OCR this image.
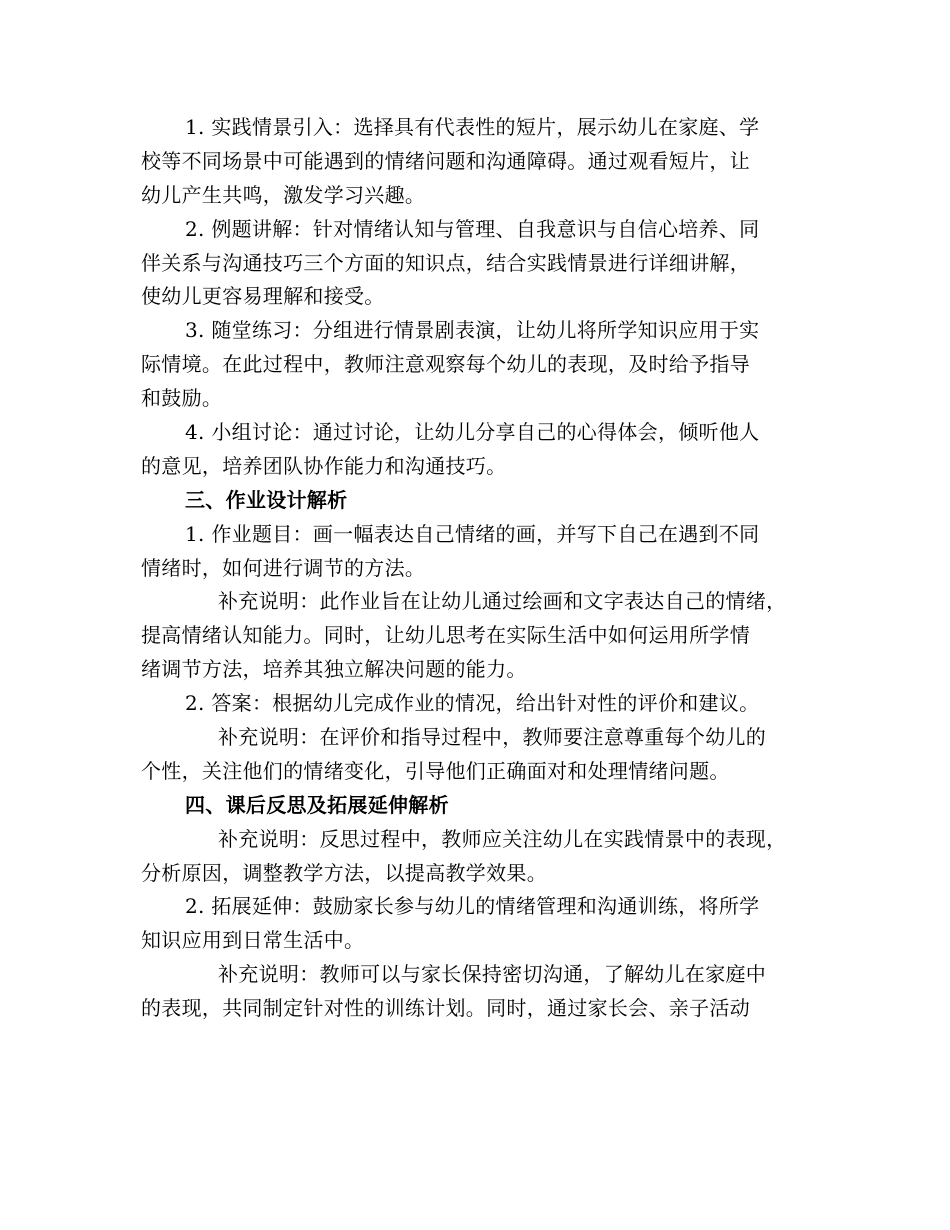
1. 实践情景引入：选择具有代表性的短片，展示幼儿在家庭、学
校等不同场景中可能遇到的情绪问题和沟通障碍。通过观看短片，让
幼儿产生共鸣，激发学习兴趣。
2. 例题讲解：针对情绪认知与管理、自我意识与自信心培养、同
伴关系与沟通技巧三个方面的知识点，结合实践情景进行详细讲解，
使幼儿更容易理解和接受。
3. 随堂练习：分组进行情景剧表演，让幼儿将所学知识应用于实
际情境。在此过程中，教师注意观察每个幼儿的表现，及时给予指导
和鼓励。
4. 小组讨论：通过讨论，让幼儿分享自己的心得体会，倾听他人
的意见，培养团队协作能力和沟通技巧。
三、作业设计解析
1. 作业题目：画一幅表达自己情绪的画，并写下自己在遇到不同
情绪时，如何进行调节的方法。
补充说明：此作业旨在让幼儿通过绘画和文字表达自己的情绪，
提高情绪认知能力。同时，让幼儿思考在实际生活中如何运用所学情
绪调节方法，培养其独立解决问题的能力。
2. 答案：根据幼儿完成作业的情况，给出针对性的评价和建议。
补充说明：在评价和指导过程中，教师要注意尊重每个幼儿的
个性，关注他们的情绪变化，引导他们正确面对和处理情绪问题。
四、课后反思及拓展延伸解析
补充说明：反思过程中，教师应关注幼儿在实践情景中的表现，
分析原因，调整教学方法，以提高教学效果。
2. 拓展延伸：鼓励家长参与幼儿的情绪管理和沟通训练，将所学
知识应用到日常生活中。
补充说明：教师可以与家长保持密切沟通，了解幼儿在家庭中
的表现，共同制定针对性的训练计划。同时，通过家长会、亲子活动
